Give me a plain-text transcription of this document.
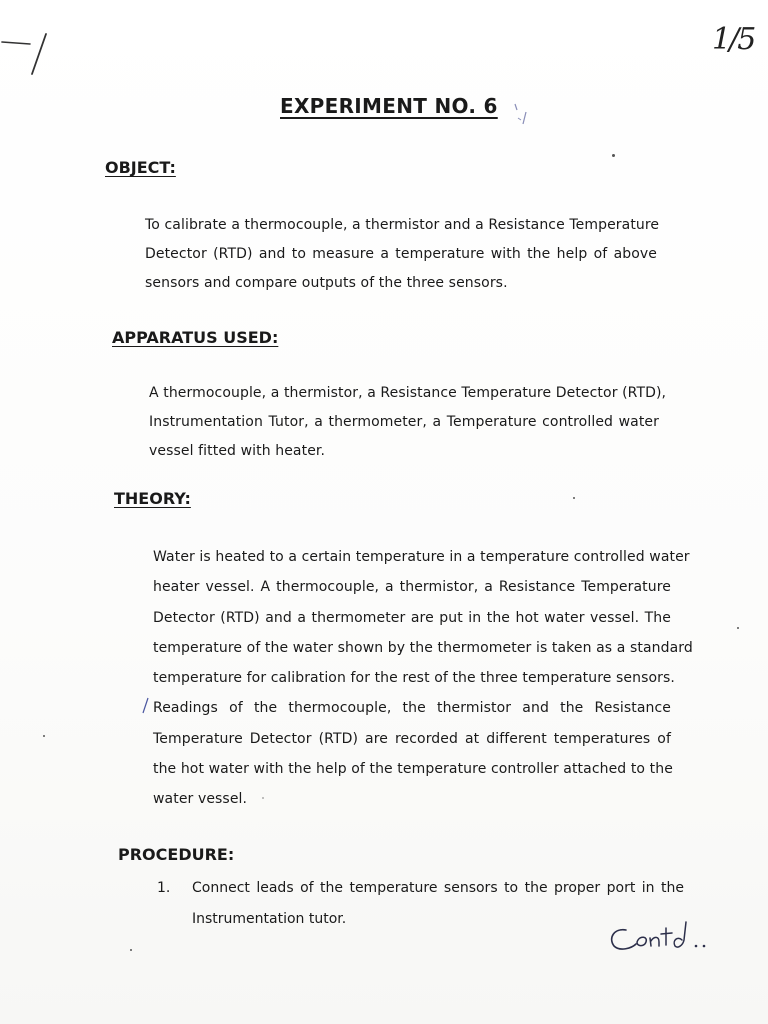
1/5
EXPERIMENT NO. 6
OBJECT:
To calibrate a thermocouple, a thermistor and a Resistance Temperature
Detector (RTD) and to measure a temperature with the help of above
sensors and compare outputs of the three sensors.
APPARATUS USED:
A thermocouple, a thermistor, a Resistance Temperature Detector (RTD),
Instrumentation Tutor, a thermometer, a Temperature controlled water
vessel fitted with heater.
THEORY:
Water is heated to a certain temperature in a temperature controlled water
heater vessel. A thermocouple, a thermistor, a Resistance Temperature
Detector (RTD) and a thermometer are put in the hot water vessel. The
temperature of the water shown by the thermometer is taken as a standard
temperature for calibration for the rest of the three temperature sensors.
Readings of the thermocouple, the thermistor and the Resistance
Temperature Detector (RTD) are recorded at different temperatures of
the hot water with the help of the temperature controller attached to the
water vessel.
PROCEDURE:
1. Connect leads of the temperature sensors to the proper port in the
Instrumentation tutor.
